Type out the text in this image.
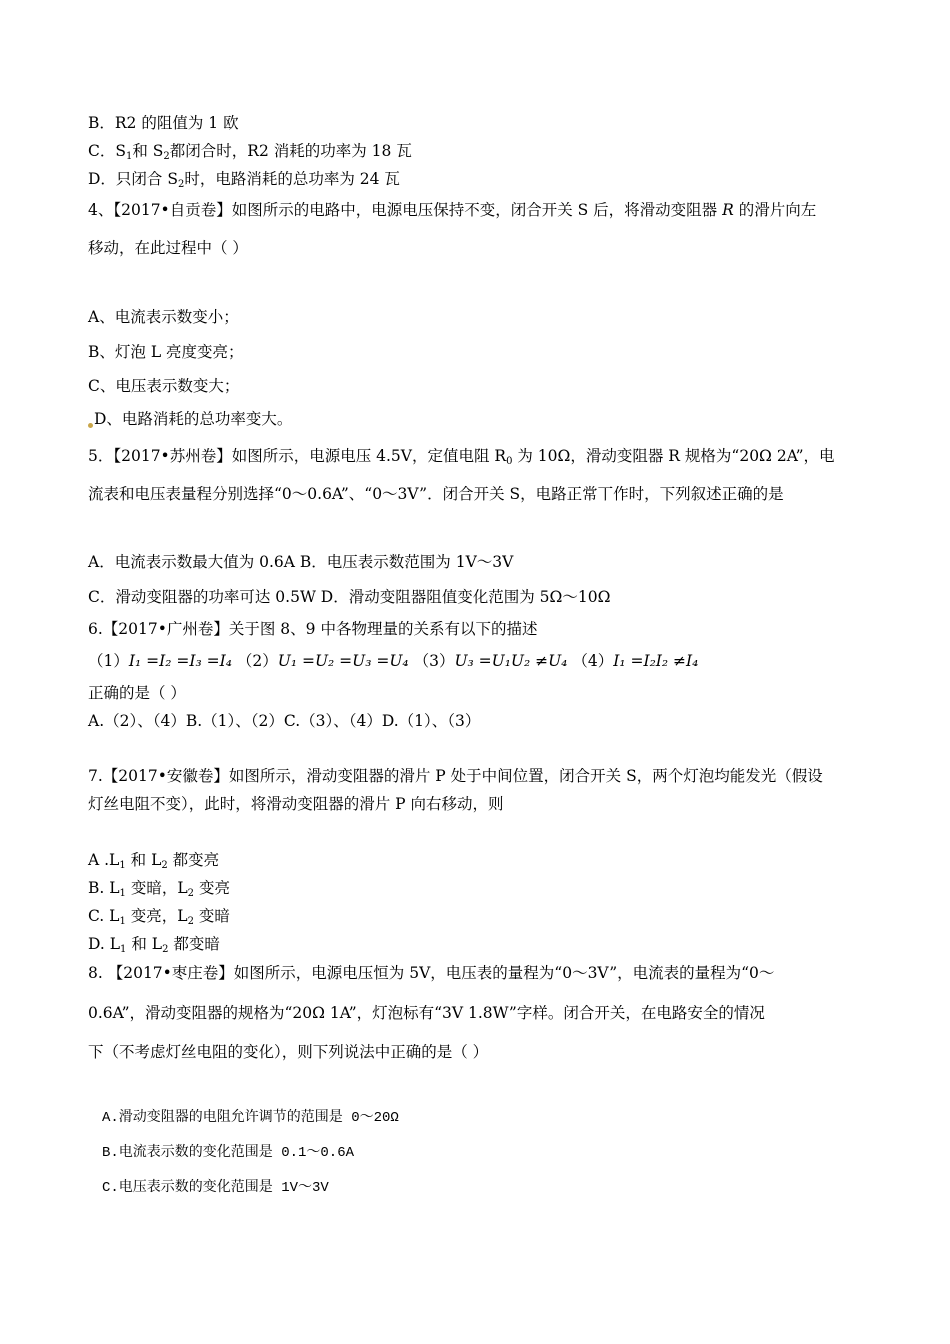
B．R2 的阻值为 1 欧
C．$S_1$和 $S_2$都闭合时，R2 消耗的功率为 18 瓦
D．只闭合 $S_2$时，电路消耗的总功率为 24 瓦
4、【2017•自贡卷】如图所示的电路中，电源电压保持不变，闭合开关 S 后，将滑动变阻器 R 的滑片向左
移动，在此过程中（ ）
A、电流表示数变小；
B、灯泡 L 亮度变亮；
C、电压表示数变大；
D、电路消耗的总功率变大。
5．【2017•苏州卷】如图所示，电源电压 4.5V，定值电阻 $R_0$ 为 10Ω，滑动变阻器 R 规格为“20Ω 2A”，电
流表和电压表量程分别选择“0～0.6A”、“0～3V”．闭合开关 S，电路正常丅作时，下列叙述正确的是
A．电流表示数最大值为 0.6A B．电压表示数范围为 1V～3V
C．滑动变阻器的功率可达 0.5W D．滑动变阻器阻值变化范围为 5Ω～10Ω
6.【2017•广州卷】关于图 8、9 中各物理量的关系有以下的描述
（1）I₁ =I₂ =I₃ =I₄ （2）U₁ =U₂ =U₃ =U₄ （3）U₃ =U₁U₂ ≠U₄ （4）I₁ =I₂I₂ ≠I₄
正确的是（ ）
A.（2）、（4）B.（1）、（2）C.（3）、（4）D.（1）、（3）
7.【2017•安徽卷】如图所示，滑动变阻器的滑片 P 处于中间位置，闭合开关 S，两个灯泡均能发光（假设
灯丝电阻不变），此时，将滑动变阻器的滑片 P 向右移动，则
A $.L_1$ 和 $L_2$ 都变亮
B. $L_1$ 变暗，$L_2$ 变亮
C. $L_1$ 变亮，$L_2$ 变暗
D. $L_1$ 和 $L_2$ 都变暗
8. 【2017•枣庄卷】如图所示，电源电压恒为 5V，电压表的量程为“0～3V”，电流表的量程为“0～
0.6A”，滑动变阻器的规格为“20Ω 1A”，灯泡标有“3V 1.8W”字样。闭合开关，在电路安全的情况
下（不考虑灯丝电阻的变化），则下列说法中正确的是（ ）
A.滑动变阻器的电阻允许调节的范围是 0～20Ω
B.电流表示数的变化范围是 0.1～0.6A
C.电压表示数的变化范围是 1V～3V
